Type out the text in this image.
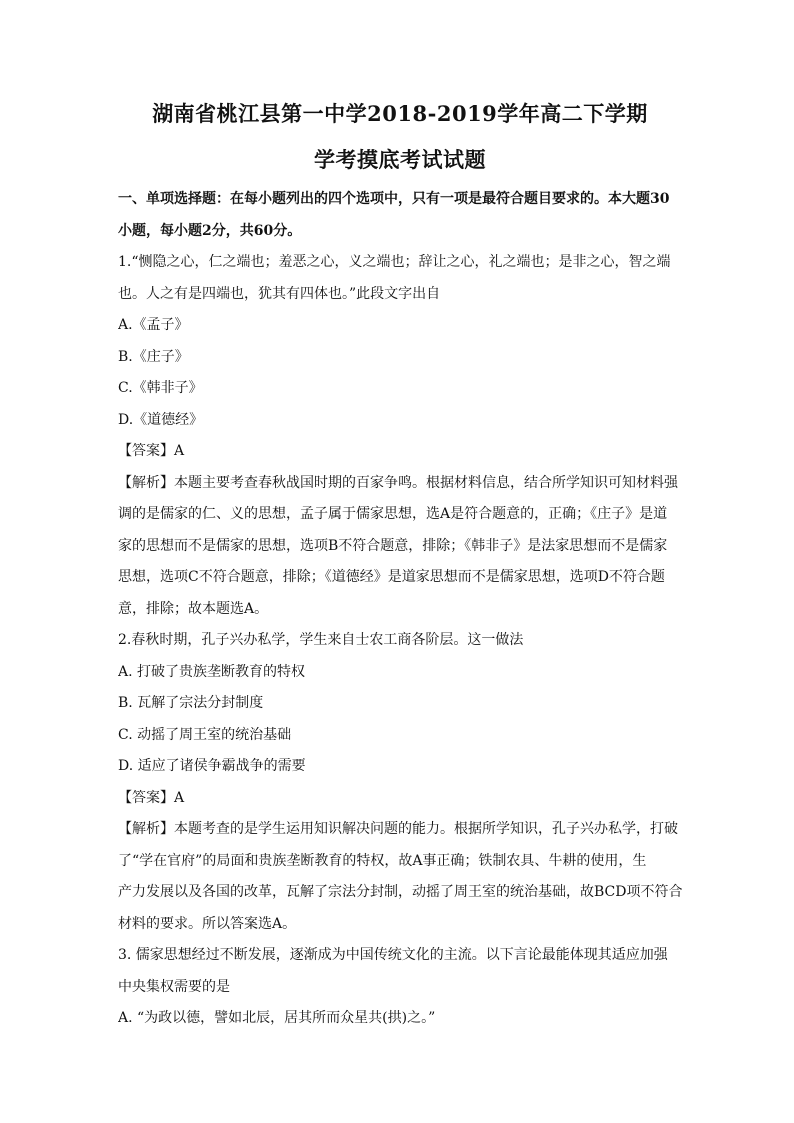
湖南省桃江县第一中学2018-2019学年高二下学期
学考摸底考试试题
一、单项选择题：在每小题列出的四个选项中，只有一项是最符合题目要求的。本大题30
小题，每小题2分，共60分。
1.“恻隐之心，仁之端也；羞恶之心，义之端也；辞让之心，礼之端也；是非之心，智之端
也。人之有是四端也，犹其有四体也。”此段文字出自
A.《孟子》
B.《庄子》
C.《韩非子》
D.《道德经》
【答案】A
【解析】本题主要考查春秋战国时期的百家争鸣。根据材料信息，结合所学知识可知材料强
调的是儒家的仁、义的思想，孟子属于儒家思想，选A是符合题意的，正确；《庄子》是道
家的思想而不是儒家的思想，选项B不符合题意，排除；《韩非子》是法家思想而不是儒家
思想，选项C不符合题意，排除；《道德经》是道家思想而不是儒家思想，选项D不符合题
意，排除；故本题选A。
2.春秋时期，孔子兴办私学，学生来自士农工商各阶层。这一做法
A. 打破了贵族垄断教育的特权
B. 瓦解了宗法分封制度
C. 动摇了周王室的统治基础
D. 适应了诸侯争霸战争的需要
【答案】A
【解析】本题考查的是学生运用知识解决问题的能力。根据所学知识，孔子兴办私学，打破
了“学在官府”的局面和贵族垄断教育的特权，故A事正确；铁制农具、牛耕的使用，生
产力发展以及各国的改革，瓦解了宗法分封制，动摇了周王室的统治基础，故BCD项不符合
材料的要求。所以答案选A。
3. 儒家思想经过不断发展，逐渐成为中国传统文化的主流。以下言论最能体现其适应加强
中央集权需要的是
A. “为政以德，譬如北辰，居其所而众星共(拱)之。”
